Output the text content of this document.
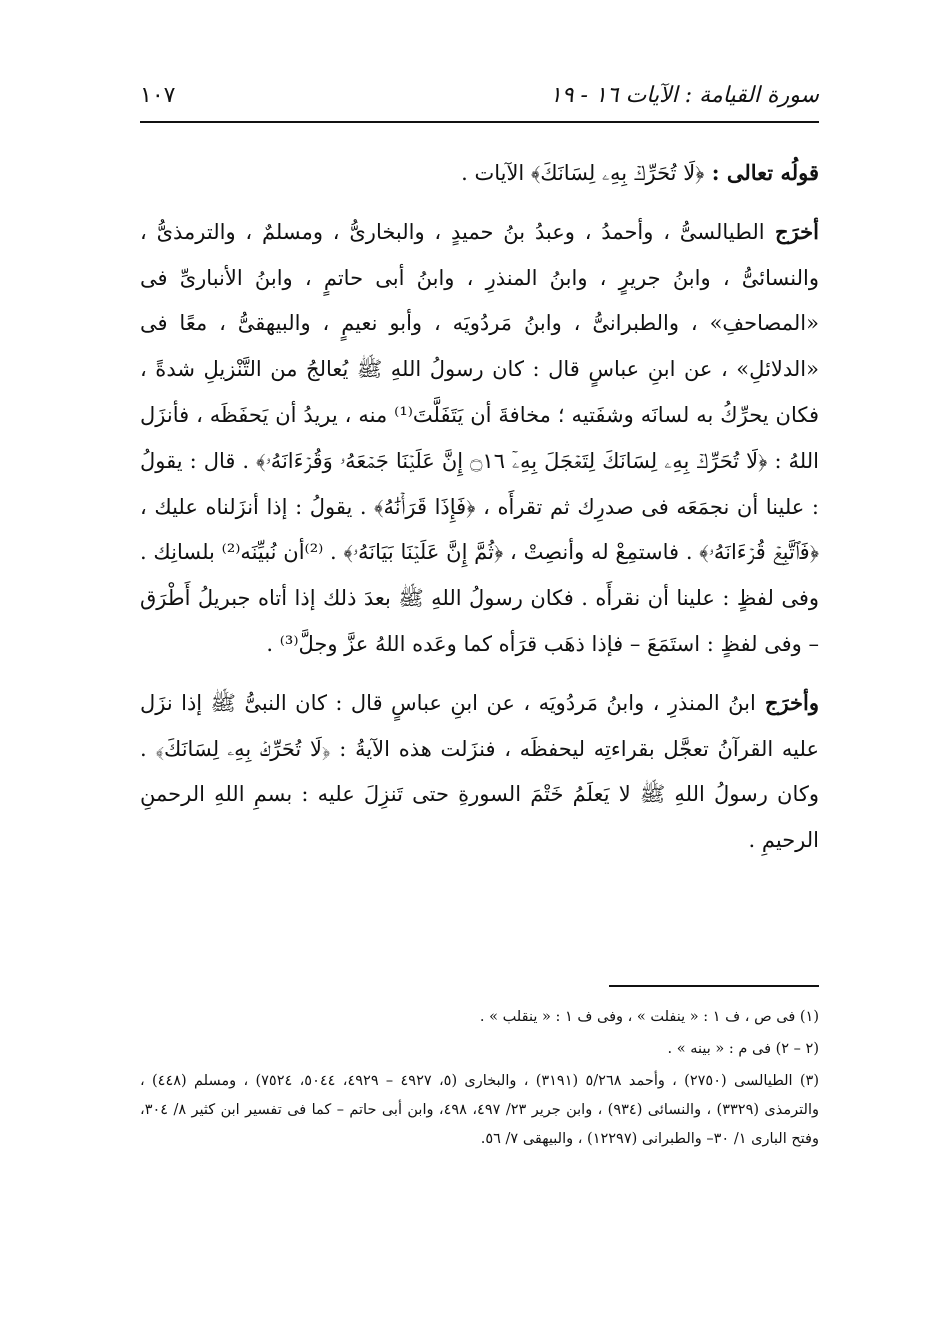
سورة القيامة : الآيات ١٦ - ١٩
١٠٧

قولُه تعالى : ﴿لَا تُحَرِّكۡ بِهِۦ لِسَانَكَ﴾ الآيات .

أخرَج الطيالسىُّ ، وأحمدُ ، وعبدُ بنُ حميدٍ ، والبخارىُّ ، ومسلمٌ ، والترمذىُّ ، والنسائىُّ ، وابنُ جريرٍ ، وابنُ المنذرِ ، وابنُ أبى حاتمٍ ، وابنُ الأنبارىِّ فى «المصاحفِ» ، والطبرانىُّ ، وابنُ مَردُويَه ، وأبو نعيمٍ ، والبيهقىُّ ، معًا فى «الدلائلِ» ، عن ابنِ عباسٍ قال : كان رسولُ اللهِ ﷺ يُعالجُ من التَّنْزيلِ شدةً ، فكان يحرِّكُ به لسانَه وشفَتيه ؛ مخافةَ أن يَتَفَلَّتَ⁽¹⁾ منه ، يريدُ أن يَحفَظَه ، فأنزَل اللهُ : ﴿لَا تُحَرِّكۡ بِهِۦ لِسَانَكَ لِتَعۡجَلَ بِهِۦٓ ۝١٦ إِنَّ عَلَيۡنَا جَمۡعَهُۥ وَقُرۡءَانَهُۥ﴾ . قال : يقولُ : علينا أن نجمَعَه فى صدرِك ثم تقرأَه ، ﴿فَإِذَا قَرَأۡنَٰهُ﴾ . يقولُ : إذا أنزَلناه عليك ، ﴿فَٱتَّبِعۡ قُرۡءَانَهُۥ﴾ . فاستمِعْ له وأنصِتْ ، ﴿ثُمَّ إِنَّ عَلَيۡنَا بَيَانَهُۥ﴾ . ⁽²⁾أن نُبيِّنَه⁽²⁾ بلسانِك . وفى لفظٍ : علينا أن نقرأَه . فكان رسولُ اللهِ ﷺ بعدَ ذلك إذا أتاه جبريلُ أَطْرَق – وفى لفظٍ : استَمَعَ – فإذا ذهَب قرَأه كما وعَده اللهُ عزَّ وجلَّ⁽³⁾ .

وأخرَج ابنُ المنذرِ ، وابنُ مَردُويَه ، عن ابنِ عباسٍ قال : كان النبىُّ ﷺ إذا نزَل عليه القرآنُ تعجَّل بقراءتِه ليحفظَه ، فنزَلت هذه الآيةُ : ﴿لَا تُحَرِّكۡ بِهِۦ لِسَانَكَ﴾ . وكان رسولُ اللهِ ﷺ لا يَعلَمُ خَتْمَ السورةِ حتى تَنزِلَ عليه : بسمِ اللهِ الرحمنِ الرحيمِ .

(١) فى ص ، ف ١ : « ينفلت » ، وفى ف ١ : « ينقلب » .

(٢ – ٢) فى م : « بينه » .

(٣) الطيالسى (٢٧٥٠) ، وأحمد ٥/٢٦٨ (٣١٩١) ، والبخارى (٥، ٤٩٢٧ – ٤٩٢٩، ٥٠٤٤، ٧٥٢٤) ، ومسلم (٤٤٨) ، والترمذى (٣٣٢٩) ، والنسائى (٩٣٤) ، وابن جرير ٢٣/ ٤٩٧، ٤٩٨، وابن أبى حاتم – كما فى تفسير ابن كثير ٨/ ٣٠٤، وفتح البارى ١/ ٣٠– والطبرانى (١٢٢٩٧) ، والبيهقى ٧/ ٥٦.
